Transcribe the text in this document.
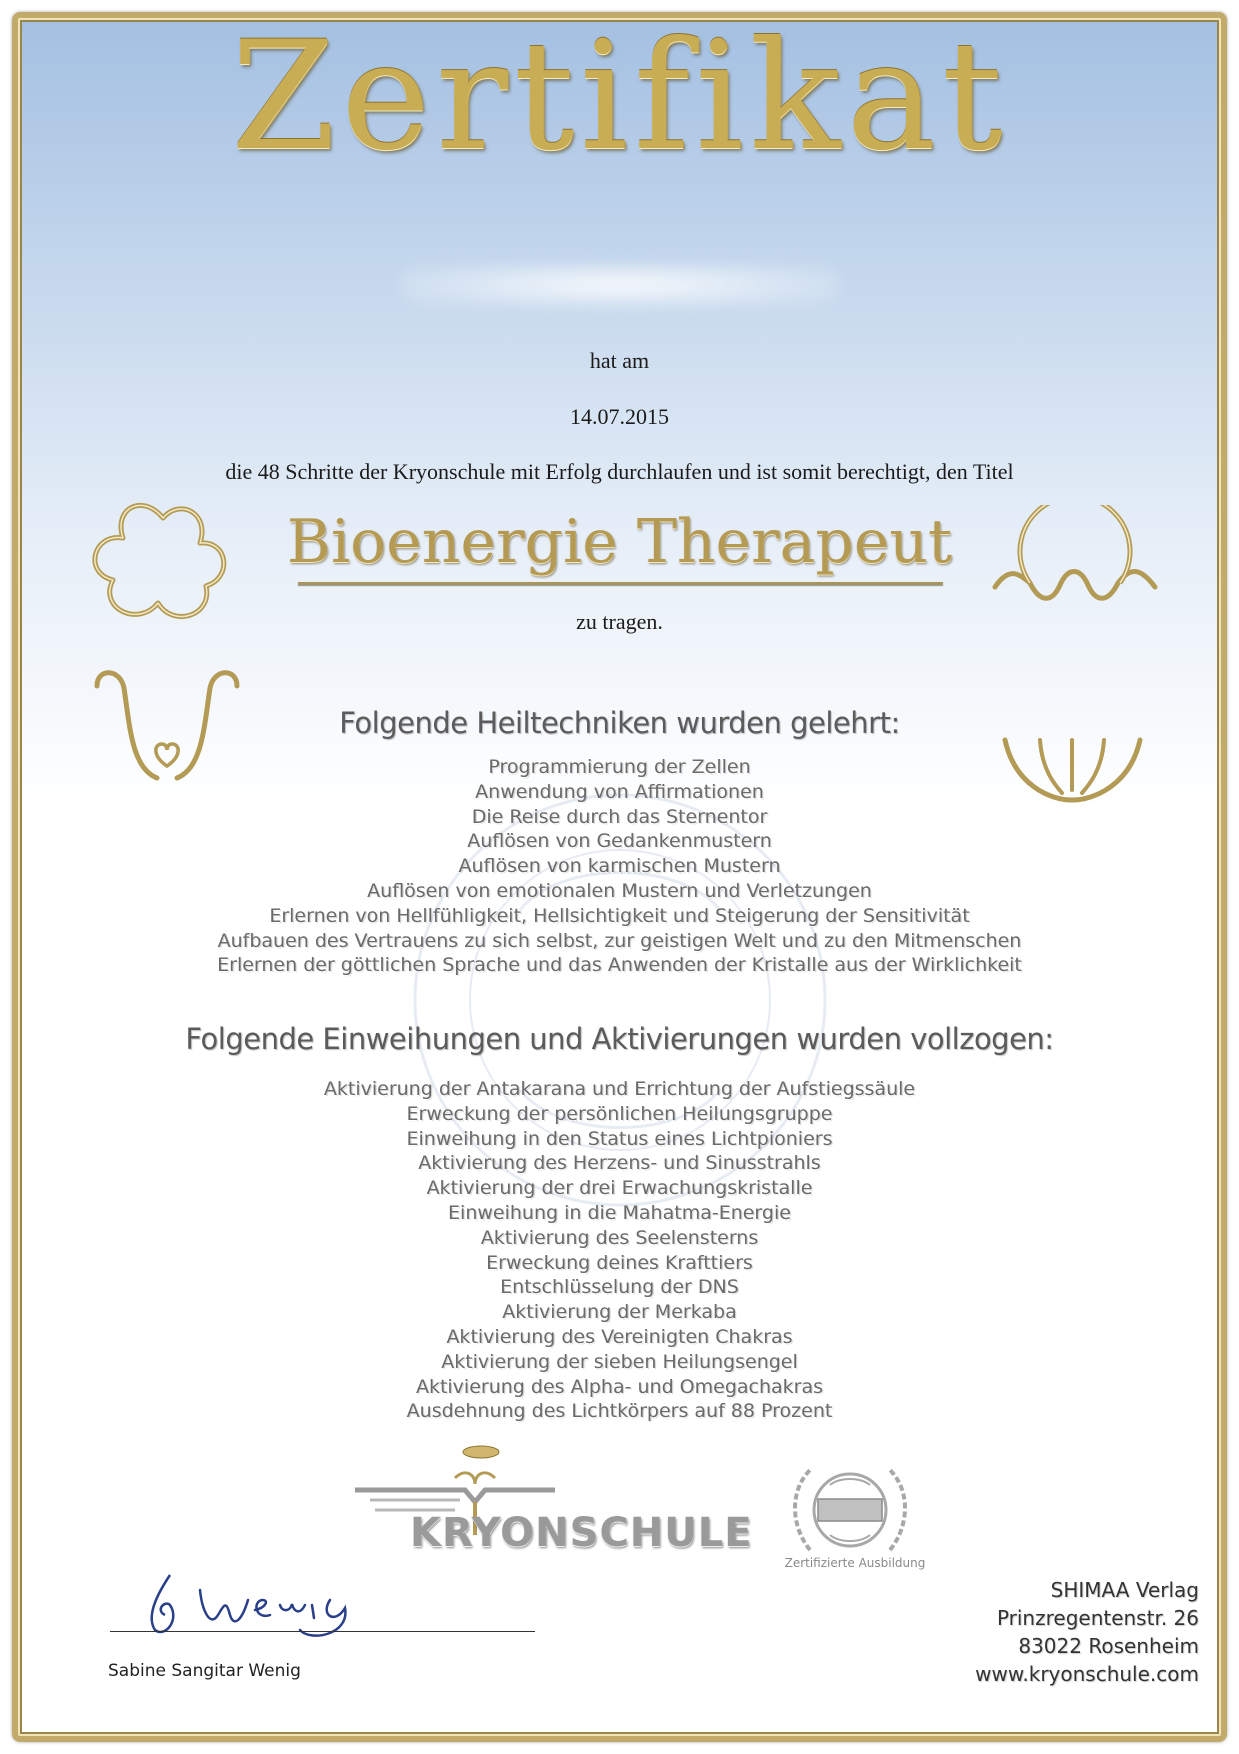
Zertifikat
hat am
14.07.2015
die 48 Schritte der Kryonschule mit Erfolg durchlaufen und ist somit berechtigt, den Titel
Bioenergie Therapeut
zu tragen.
Folgende Heiltechniken wurden gelehrt:
Programmierung der Zellen
Anwendung von Affirmationen
Die Reise durch das Sternentor
Auflösen von Gedankenmustern
Auflösen von karmischen Mustern
Auflösen von emotionalen Mustern und Verletzungen
Erlernen von Hellfühligkeit, Hellsichtigkeit und Steigerung der Sensitivität
Aufbauen des Vertrauens zu sich selbst, zur geistigen Welt und zu den Mitmenschen
Erlernen der göttlichen Sprache und das Anwenden der Kristalle aus der Wirklichkeit
Folgende Einweihungen und Aktivierungen wurden vollzogen:
Aktivierung der Antakarana und Errichtung der Aufstiegssäule
Erweckung der persönlichen Heilungsgruppe
Einweihung in den Status eines Lichtpioniers
Aktivierung des Herzens- und Sinusstrahls
Aktivierung der drei Erwachungskristalle
Einweihung in die Mahatma-Energie
Aktivierung des Seelensterns
Erweckung deines Krafttiers
Entschlüsselung der DNS
Aktivierung der Merkaba
Aktivierung des Vereinigten Chakras
Aktivierung der sieben Heilungsengel
Aktivierung des Alpha- und Omegachakras
Ausdehnung des Lichtkörpers auf 88 Prozent
KRYONSCHULE
Zertifizierte Ausbildung
Sabine Sangitar Wenig
SHIMAA Verlag
Prinzregentenstr. 26
83022 Rosenheim
www.kryonschule.com
